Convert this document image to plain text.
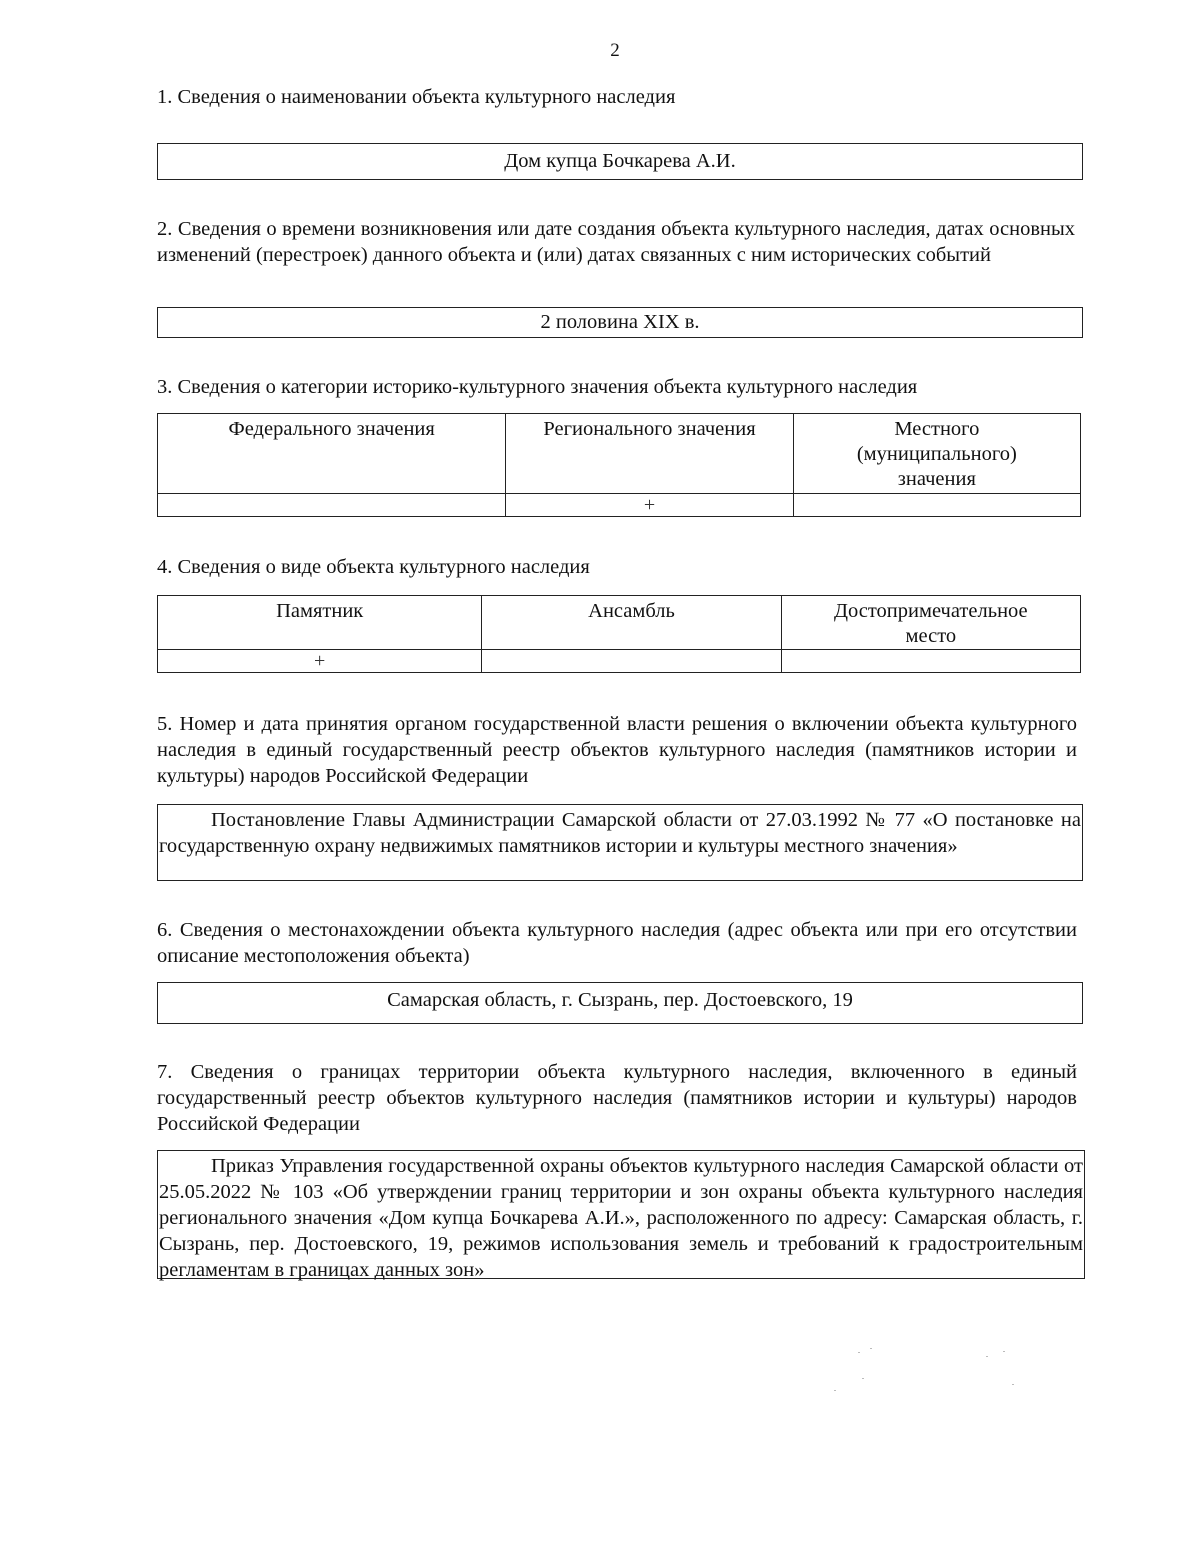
2
1. Сведения о наименовании объекта культурного наследия
Дом купца Бочкарева А.И.
2. Сведения о времени возникновения или дате создания объекта культурного наследия, датах основных изменений (перестроек) данного объекта и (или) датах связанных с ним исторических событий
2 половина XIX в.
3. Сведения о категории историко-культурного значения объекта культурного наследия
Федерального значения	Регионального значения	Местного (муниципального) значения
	+	
4. Сведения о виде объекта культурного наследия
Памятник	Ансамбль	Достопримечательное место
+		
5. Номер и дата принятия органом государственной власти решения о включении объекта культурного наследия в единый государственный реестр объектов культурного наследия (памятников истории и культуры) народов Российской Федерации
Постановление Главы Администрации Самарской области от 27.03.1992 № 77 «О постановке на государственную охрану недвижимых памятников истории и культуры местного значения»
6. Сведения о местонахождении объекта культурного наследия (адрес объекта или при его отсутствии описание местоположения объекта)
Самарская область, г. Сызрань, пер. Достоевского, 19
7. Сведения о границах территории объекта культурного наследия, включенного в единый государственный реестр объектов культурного наследия (памятников истории и культуры) народов Российской Федерации
Приказ Управления государственной охраны объектов культурного наследия Самарской области от 25.05.2022 № 103 «Об утверждении границ территории и зон охраны объекта культурного наследия регионального значения «Дом купца Бочкарева А.И.», расположенного по адресу: Самарская область, г. Сызрань, пер. Достоевского, 19, режимов использования земель и требований к градостроительным регламентам в границах данных зон»
